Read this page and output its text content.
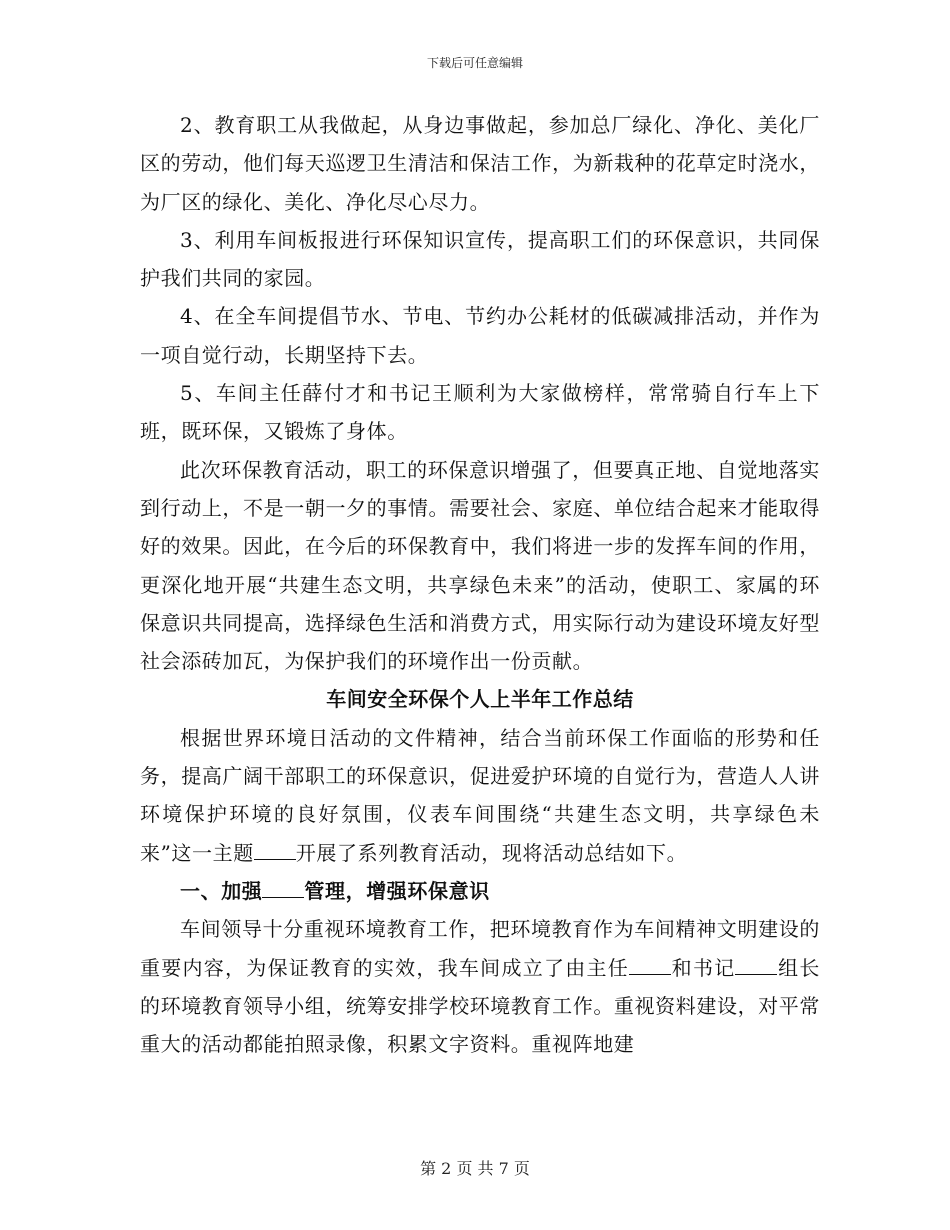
下载后可任意编辑

2、教育职工从我做起，从身边事做起，参加总厂绿化、净化、美化厂区的劳动，他们每天巡逻卫生清洁和保洁工作，为新栽种的花草定时浇水，为厂区的绿化、美化、净化尽心尽力。

3、利用车间板报进行环保知识宣传，提高职工们的环保意识，共同保护我们共同的家园。

4、在全车间提倡节水、节电、节约办公耗材的低碳减排活动，并作为一项自觉行动，长期坚持下去。

5、车间主任薛付才和书记王顺利为大家做榜样，常常骑自行车上下班，既环保，又锻炼了身体。

此次环保教育活动，职工的环保意识增强了，但要真正地、自觉地落实到行动上，不是一朝一夕的事情。需要社会、家庭、单位结合起来才能取得好的效果。因此，在今后的环保教育中，我们将进一步的发挥车间的作用，更深化地开展“共建生态文明，共享绿色未来”的活动，使职工、家属的环保意识共同提高，选择绿色生活和消费方式，用实际行动为建设环境友好型社会添砖加瓦，为保护我们的环境作出一份贡献。

车间安全环保个人上半年工作总结

根据世界环境日活动的文件精神，结合当前环保工作面临的形势和任务，提高广阔干部职工的环保意识，促进爱护环境的自觉行为，营造人人讲环境保护环境的良好氛围，仪表车间围绕“共建生态文明，共享绿色未来”这一主题 开展了系列教育活动，现将活动总结如下。

一、加强 管理，增强环保意识

车间领导十分重视环境教育工作，把环境教育作为车间精神文明建设的重要内容，为保证教育的实效，我车间成立了由主任 和书记 组长的环境教育领导小组，统筹安排学校环境教育工作。重视资料建设，对平常重大的活动都能拍照录像，积累文字资料。重视阵地建

第 2 页 共 7 页
